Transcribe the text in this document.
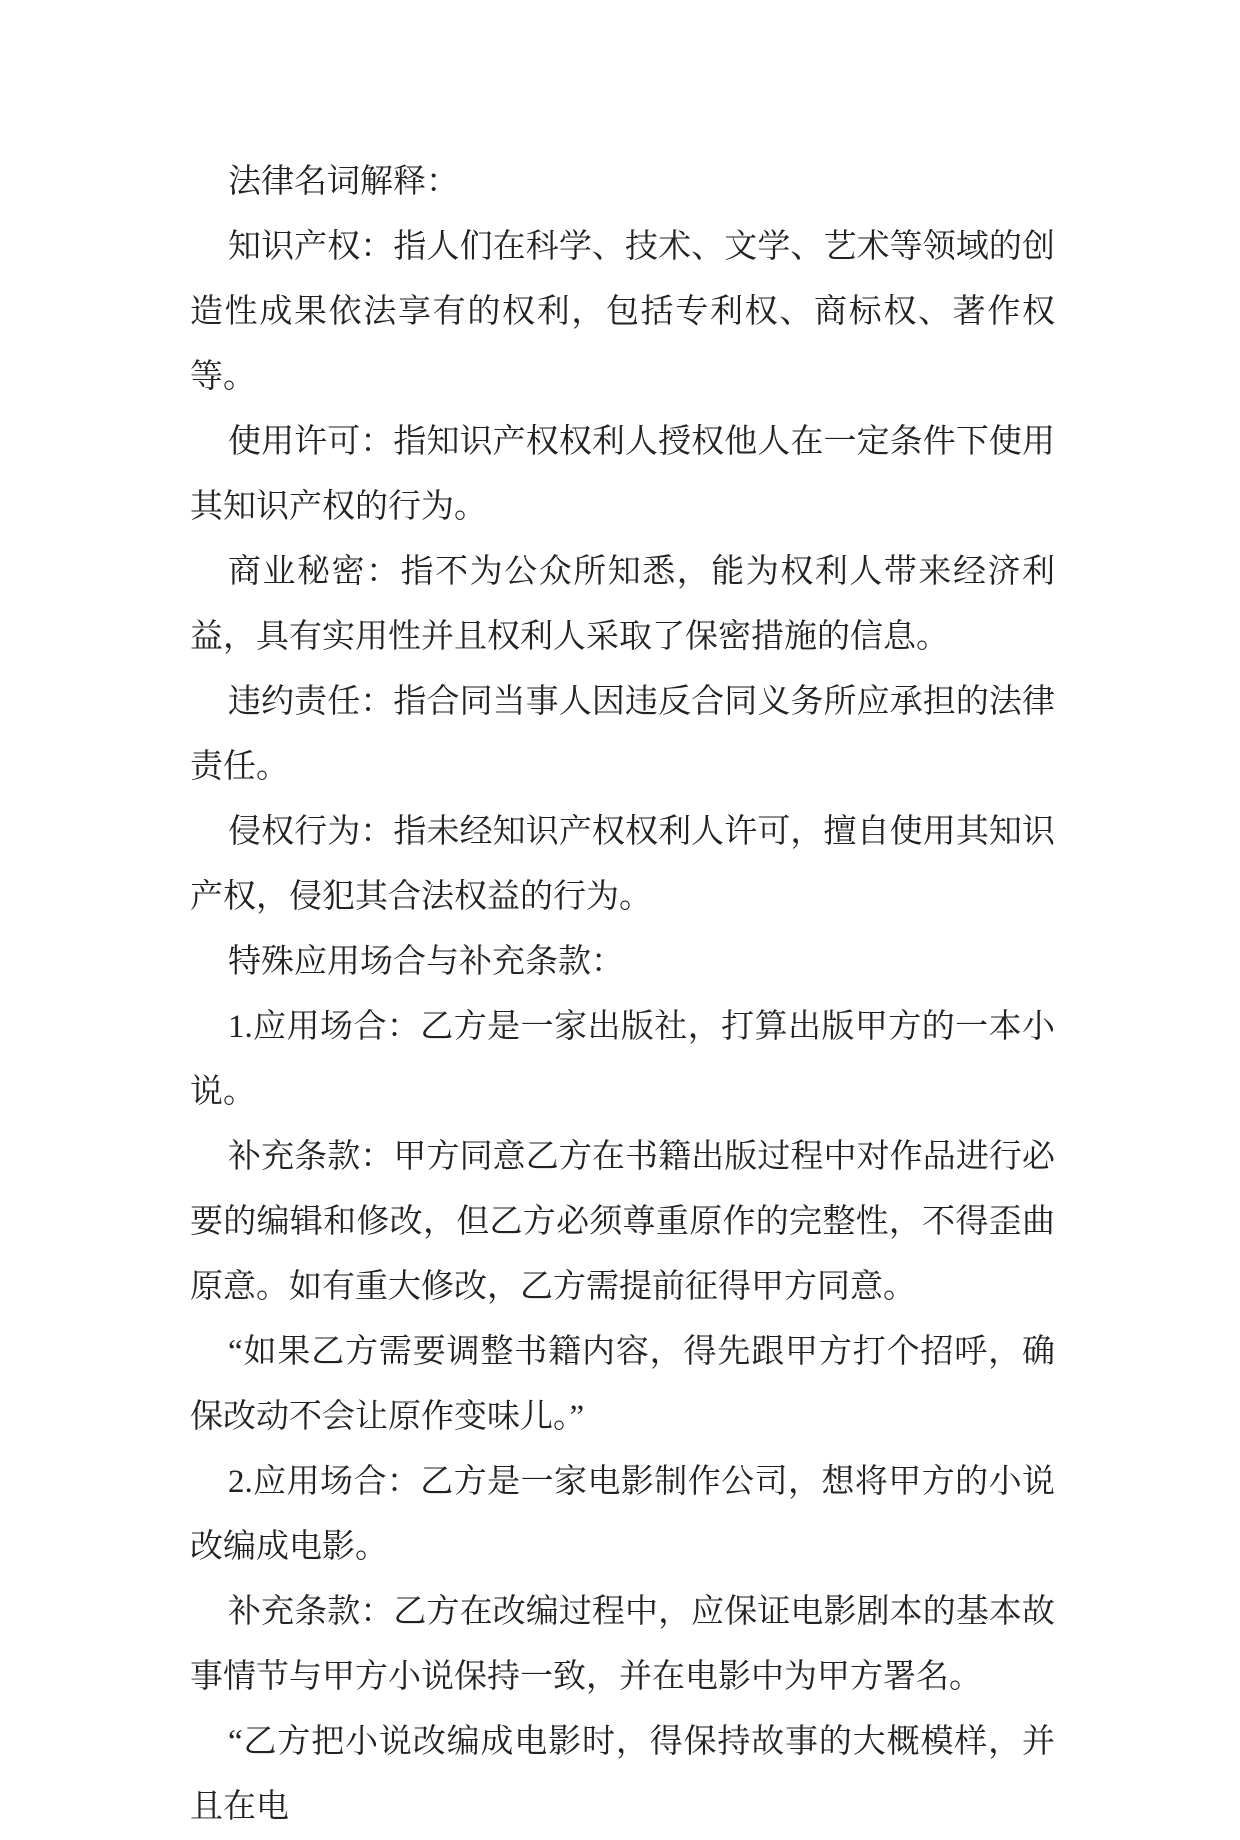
法律名词解释：

知识产权：指人们在科学、技术、文学、艺术等领域的创造性成果依法享有的权利，包括专利权、商标权、著作权等。

使用许可：指知识产权权利人授权他人在一定条件下使用其知识产权的行为。

商业秘密：指不为公众所知悉，能为权利人带来经济利益，具有实用性并且权利人采取了保密措施的信息。

违约责任：指合同当事人因违反合同义务所应承担的法律责任。

侵权行为：指未经知识产权权利人许可，擅自使用其知识产权，侵犯其合法权益的行为。

特殊应用场合与补充条款：

1.应用场合：乙方是一家出版社，打算出版甲方的一本小说。

补充条款：甲方同意乙方在书籍出版过程中对作品进行必要的编辑和修改，但乙方必须尊重原作的完整性，不得歪曲原意。如有重大修改，乙方需提前征得甲方同意。

“如果乙方需要调整书籍内容，得先跟甲方打个招呼，确保改动不会让原作变味儿。”

2.应用场合：乙方是一家电影制作公司，想将甲方的小说改编成电影。

补充条款：乙方在改编过程中，应保证电影剧本的基本故事情节与甲方小说保持一致，并在电影中为甲方署名。

“乙方把小说改编成电影时，得保持故事的大概模样，并且在电
